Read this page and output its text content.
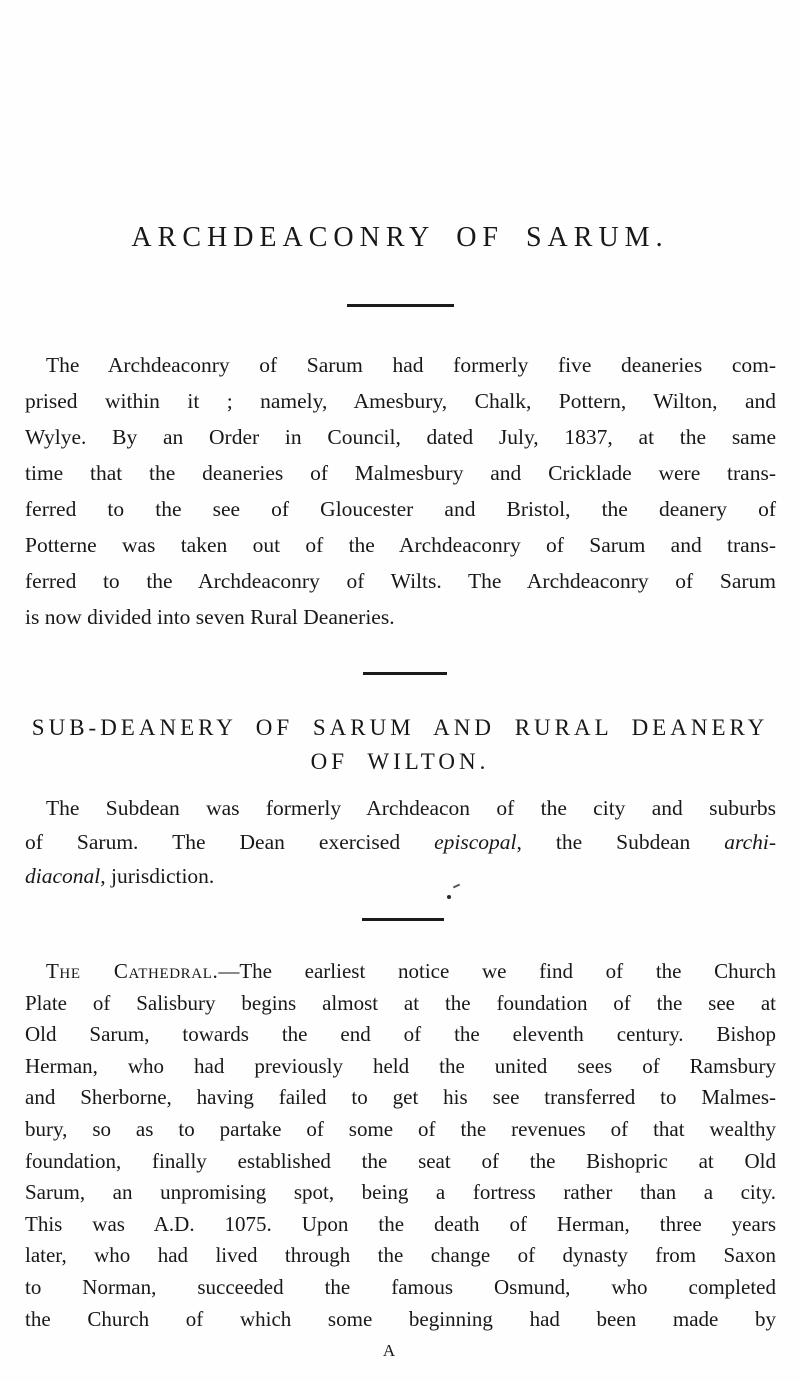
ARCHDEACONRY OF SARUM.
The Archdeaconry of Sarum had formerly five deaneries com-
prised within it ; namely, Amesbury, Chalk, Pottern, Wilton, and
Wylye. By an Order in Council, dated July, 1837, at the same
time that the deaneries of Malmesbury and Cricklade were trans-
ferred to the see of Gloucester and Bristol, the deanery of
Potterne was taken out of the Archdeaconry of Sarum and trans-
ferred to the Archdeaconry of Wilts. The Archdeaconry of Sarum
is now divided into seven Rural Deaneries.
SUB-DEANERY OF SARUM AND RURAL DEANERY
OF WILTON.
The Subdean was formerly Archdeacon of the city and suburbs
of Sarum. The Dean exercised episcopal, the Subdean archi-
diaconal, jurisdiction.
The Cathedral.—The earliest notice we find of the Church
Plate of Salisbury begins almost at the foundation of the see at
Old Sarum, towards the end of the eleventh century. Bishop
Herman, who had previously held the united sees of Ramsbury
and Sherborne, having failed to get his see transferred to Malmes-
bury, so as to partake of some of the revenues of that wealthy
foundation, finally established the seat of the Bishopric at Old
Sarum, an unpromising spot, being a fortress rather than a city.
This was A.D. 1075. Upon the death of Herman, three years
later, who had lived through the change of dynasty from Saxon
to Norman, succeeded the famous Osmund, who completed
the Church of which some beginning had been made by
A
